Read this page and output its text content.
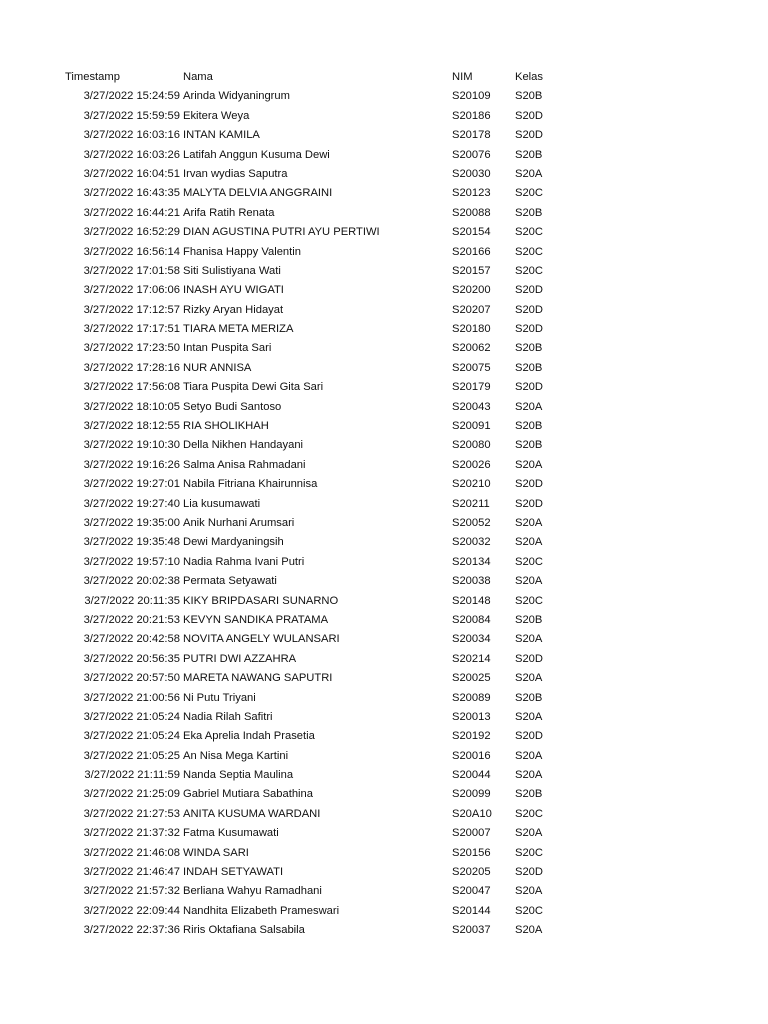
Timestamp	Nama	NIM	Kelas
3/27/2022 15:24:59 Arinda Widyaningrum	S20109	S20B
3/27/2022 15:59:59 Ekitera Weya	S20186	S20D
3/27/2022 16:03:16 INTAN KAMILA	S20178	S20D
3/27/2022 16:03:26 Latifah Anggun Kusuma Dewi	S20076	S20B
3/27/2022 16:04:51 Irvan wydias Saputra	S20030	S20A
3/27/2022 16:43:35 MALYTA DELVIA ANGGRAINI	S20123	S20C
3/27/2022 16:44:21 Arifa Ratih Renata	S20088	S20B
3/27/2022 16:52:29 DIAN AGUSTINA PUTRI AYU PERTIWI	S20154	S20C
3/27/2022 16:56:14 Fhanisa Happy Valentin	S20166	S20C
3/27/2022 17:01:58 Siti Sulistiyana Wati	S20157	S20C
3/27/2022 17:06:06 INASH AYU WIGATI	S20200	S20D
3/27/2022 17:12:57 Rizky Aryan Hidayat	S20207	S20D
3/27/2022 17:17:51 TIARA META MERIZA	S20180	S20D
3/27/2022 17:23:50 Intan Puspita Sari	S20062	S20B
3/27/2022 17:28:16 NUR ANNISA	S20075	S20B
3/27/2022 17:56:08 Tiara Puspita Dewi Gita Sari	S20179	S20D
3/27/2022 18:10:05 Setyo Budi Santoso	S20043	S20A
3/27/2022 18:12:55 RIA SHOLIKHAH	S20091	S20B
3/27/2022 19:10:30 Della Nikhen Handayani	S20080	S20B
3/27/2022 19:16:26 Salma Anisa Rahmadani	S20026	S20A
3/27/2022 19:27:01 Nabila Fitriana Khairunnisa	S20210	S20D
3/27/2022 19:27:40 Lia kusumawati	S20211	S20D
3/27/2022 19:35:00 Anik Nurhani Arumsari	S20052	S20A
3/27/2022 19:35:48 Dewi Mardyaningsih	S20032	S20A
3/27/2022 19:57:10 Nadia Rahma Ivani Putri	S20134	S20C
3/27/2022 20:02:38 Permata Setyawati	S20038	S20A
3/27/2022 20:11:35 KIKY BRIPDASARI SUNARNO	S20148	S20C
3/27/2022 20:21:53 KEVYN SANDIKA PRATAMA	S20084	S20B
3/27/2022 20:42:58 NOVITA ANGELY WULANSARI	S20034	S20A
3/27/2022 20:56:35 PUTRI DWI AZZAHRA	S20214	S20D
3/27/2022 20:57:50 MARETA NAWANG SAPUTRI	S20025	S20A
3/27/2022 21:00:56 Ni Putu Triyani	S20089	S20B
3/27/2022 21:05:24 Nadia Rilah Safitri	S20013	S20A
3/27/2022 21:05:24 Eka Aprelia Indah Prasetia	S20192	S20D
3/27/2022 21:05:25 An Nisa Mega Kartini	S20016	S20A
3/27/2022 21:11:59 Nanda Septia Maulina	S20044	S20A
3/27/2022 21:25:09 Gabriel Mutiara Sabathina	S20099	S20B
3/27/2022 21:27:53 ANITA KUSUMA WARDANI	S20A10	S20C
3/27/2022 21:37:32 Fatma Kusumawati	S20007	S20A
3/27/2022 21:46:08 WINDA SARI	S20156	S20C
3/27/2022 21:46:47 INDAH SETYAWATI	S20205	S20D
3/27/2022 21:57:32 Berliana Wahyu Ramadhani	S20047	S20A
3/27/2022 22:09:44 Nandhita Elizabeth Prameswari	S20144	S20C
3/27/2022 22:37:36 Riris Oktafiana Salsabila	S20037	S20A
